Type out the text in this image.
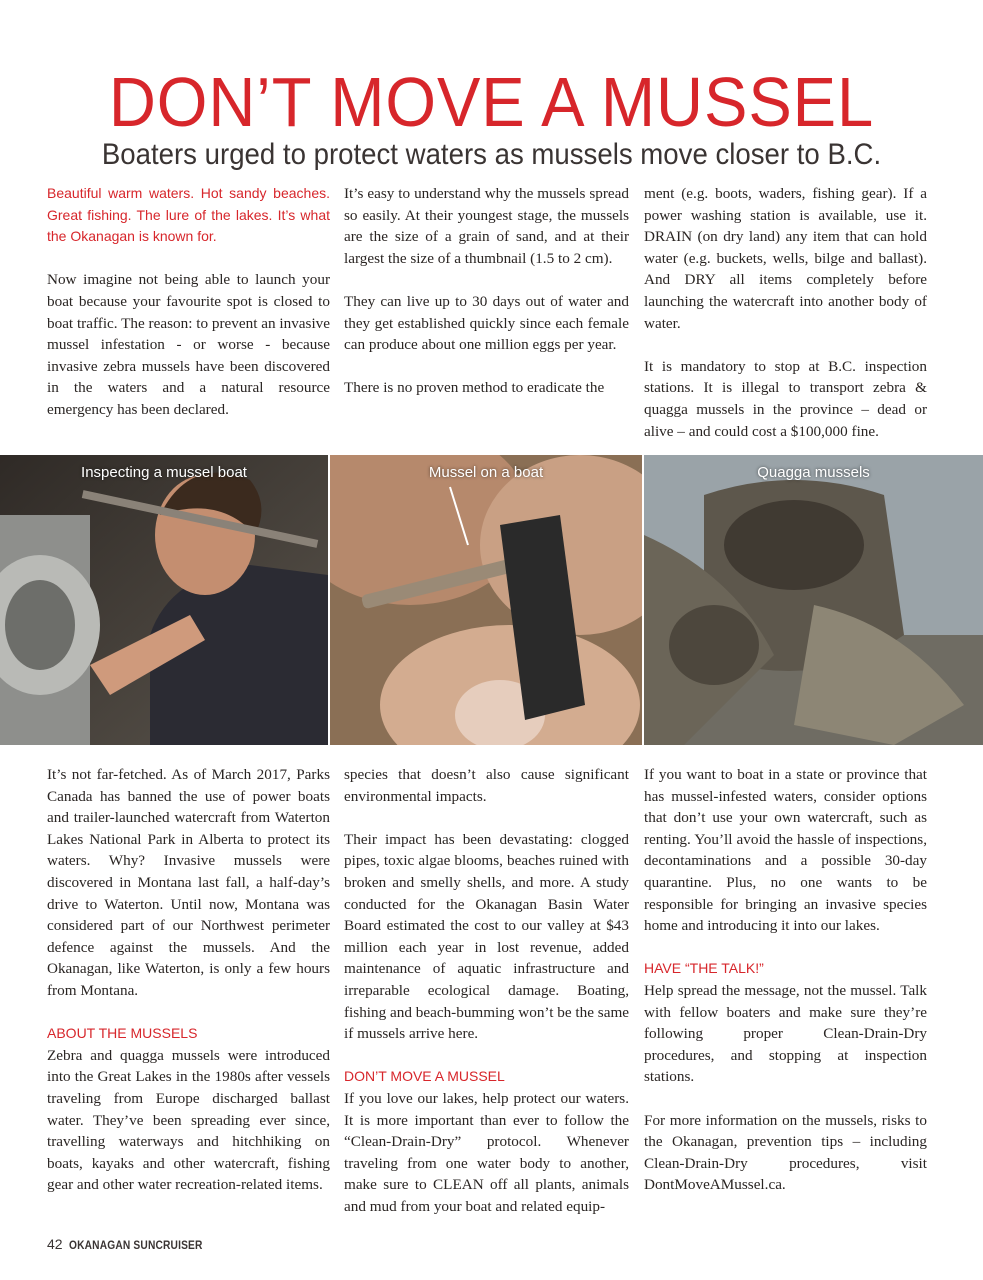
DON’T MOVE A MUSSEL
Boaters urged to protect waters as mussels move closer to B.C.

Beautiful warm waters. Hot sandy beaches. Great fishing. The lure of the lakes. It’s what the Okanagan is known for.

Now imagine not being able to launch your boat because your favourite spot is closed to boat traffic. The reason: to prevent an invasive mussel infestation - or worse - because invasive zebra mussels have been discovered in the waters and a natural resource emergency has been declared.

It’s easy to understand why the mussels spread so easily. At their youngest stage, the mussels are the size of a grain of sand, and at their largest the size of a thumbnail (1.5 to 2 cm).

They can live up to 30 days out of water and they get established quickly since each female can produce about one million eggs per year.

There is no proven method to eradicate the

ment (e.g. boots, waders, fishing gear). If a power washing station is available, use it. DRAIN (on dry land) any item that can hold water (e.g. buckets, wells, bilge and ballast). And DRY all items completely before launching the watercraft into another body of water.

It is mandatory to stop at B.C. inspection stations. It is illegal to transport zebra & quagga mussels in the province – dead or alive – and could cost a $100,000 fine.

Inspecting a mussel boat	Mussel on a boat	Quagga mussels

It’s not far-fetched. As of March 2017, Parks Canada has banned the use of power boats and trailer-launched watercraft from Waterton Lakes National Park in Alberta to protect its waters. Why? Invasive mussels were discovered in Montana last fall, a half-day’s drive to Waterton. Until now, Montana was considered part of our Northwest perimeter defence against the mussels. And the Okanagan, like Waterton, is only a few hours from Montana.

ABOUT THE MUSSELS

Zebra and quagga mussels were introduced into the Great Lakes in the 1980s after vessels traveling from Europe discharged ballast water. They’ve been spreading ever since, travelling waterways and hitchhiking on boats, kayaks and other watercraft, fishing gear and other water recreation-related items.

species that doesn’t also cause significant environmental impacts.

Their impact has been devastating: clogged pipes, toxic algae blooms, beaches ruined with broken and smelly shells, and more. A study conducted for the Okanagan Basin Water Board estimated the cost to our valley at $43 million each year in lost revenue, added maintenance of aquatic infrastructure and irreparable ecological damage. Boating, fishing and beach-bumming won’t be the same if mussels arrive here.

DON’T MOVE A MUSSEL

If you love our lakes, help protect our waters. It is more important than ever to follow the “Clean-Drain-Dry” protocol. Whenever traveling from one water body to another, make sure to CLEAN off all plants, animals and mud from your boat and related equip-

If you want to boat in a state or province that has mussel-infested waters, consider options that don’t use your own watercraft, such as renting. You’ll avoid the hassle of inspections, decontaminations and a possible 30-day quarantine. Plus, no one wants to be responsible for bringing an invasive species home and introducing it into our lakes.

HAVE “THE TALK!”

Help spread the message, not the mussel. Talk with fellow boaters and make sure they’re following proper Clean-Drain-Dry procedures, and stopping at inspection stations.

For more information on the mussels, risks to the Okanagan, prevention tips – including Clean-Drain-Dry procedures, visit DontMoveAMussel.ca.

42 OKANAGAN SUNCRUISER
